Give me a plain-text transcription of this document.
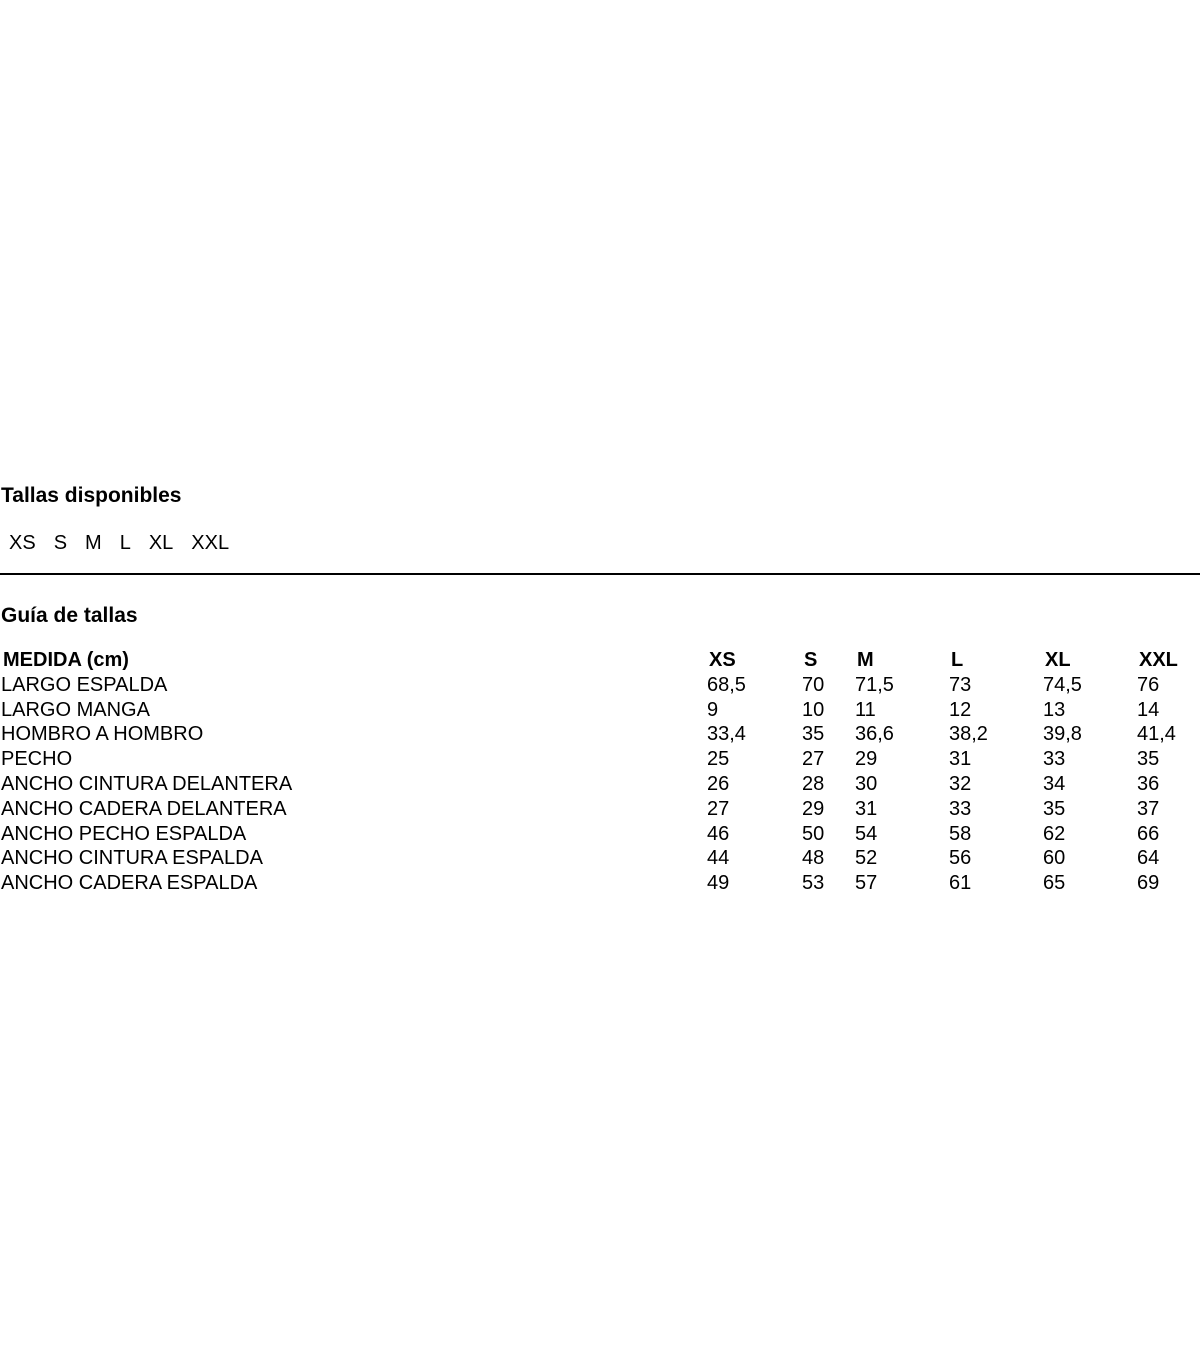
Tallas disponibles
XS S M L XL XXL
Guía de tallas
MEDIDA (cm)	XS	S M	L	XL	XXL
LARGO ESPALDA	68,5	70 71,5	73	74,5	76
LARGO MANGA	9	10 11	12	13	14
HOMBRO A HOMBRO	33,4	35 36,6	38,2	39,8	41,4
PECHO	25	27 29	31	33	35
ANCHO CINTURA DELANTERA	26	28 30	32	34	36
ANCHO CADERA DELANTERA	27	29 31	33	35	37
ANCHO PECHO ESPALDA	46	50 54	58	62	66
ANCHO CINTURA ESPALDA	44	48 52	56	60	64
ANCHO CADERA ESPALDA	49	53 57	61	65	69
